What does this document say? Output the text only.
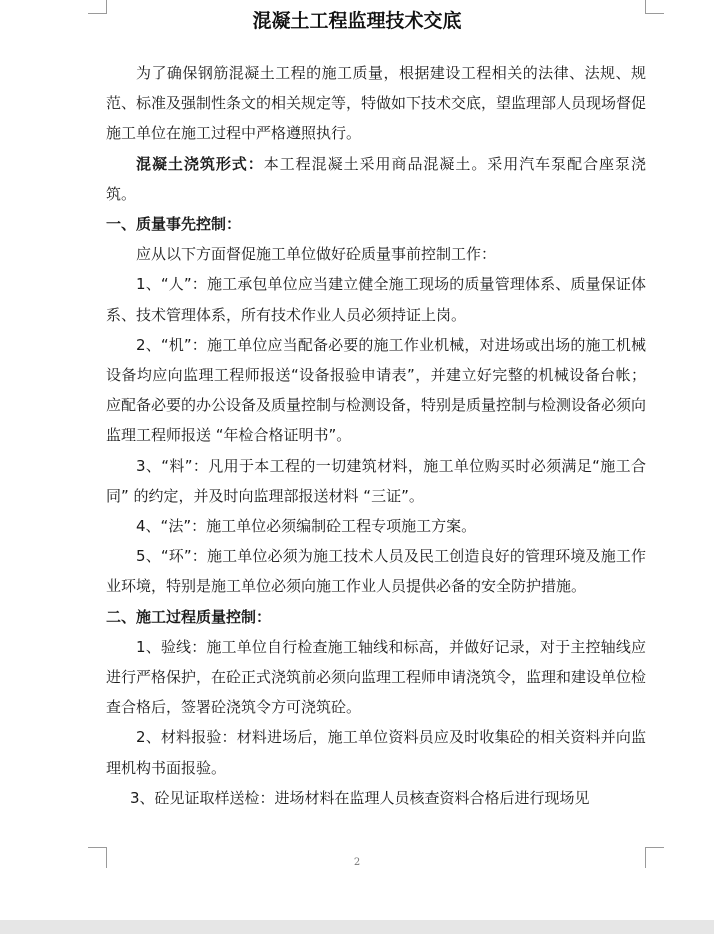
混凝土工程监理技术交底

为了确保钢筋混凝土工程的施工质量，根据建设工程相关的法律、法规、规范、标准及强制性条文的相关规定等，特做如下技术交底，望监理部人员现场督促施工单位在施工过程中严格遵照执行。

混凝土浇筑形式：本工程混凝土采用商品混凝土。采用汽车泵配合座泵浇筑。

一、质量事先控制：

应从以下方面督促施工单位做好砼质量事前控制工作：

1、“人”：施工承包单位应当建立健全施工现场的质量管理体系、质量保证体系、技术管理体系，所有技术作业人员必须持证上岗。

2、“机”：施工单位应当配备必要的施工作业机械，对进场或出场的施工机械设备均应向监理工程师报送“设备报验申请表”，并建立好完整的机械设备台帐；应配备必要的办公设备及质量控制与检测设备，特别是质量控制与检测设备必须向监理工程师报送 “年检合格证明书”。

3、“料”：凡用于本工程的一切建筑材料，施工单位购买时必须满足“施工合同” 的约定，并及时向监理部报送材料 “三证”。

4、“法”：施工单位必须编制砼工程专项施工方案。

5、“环”：施工单位必须为施工技术人员及民工创造良好的管理环境及施工作业环境，特别是施工单位必须向施工作业人员提供必备的安全防护措施。

二、施工过程质量控制：

1、验线：施工单位自行检查施工轴线和标高，并做好记录，对于主控轴线应进行严格保护，在砼正式浇筑前必须向监理工程师申请浇筑令，监理和建设单位检查合格后，签署砼浇筑令方可浇筑砼。

2、材料报验：材料进场后，施工单位资料员应及时收集砼的相关资料并向监理机构书面报验。

3、砼见证取样送检：进场材料在监理人员核查资料合格后进行现场见

2
